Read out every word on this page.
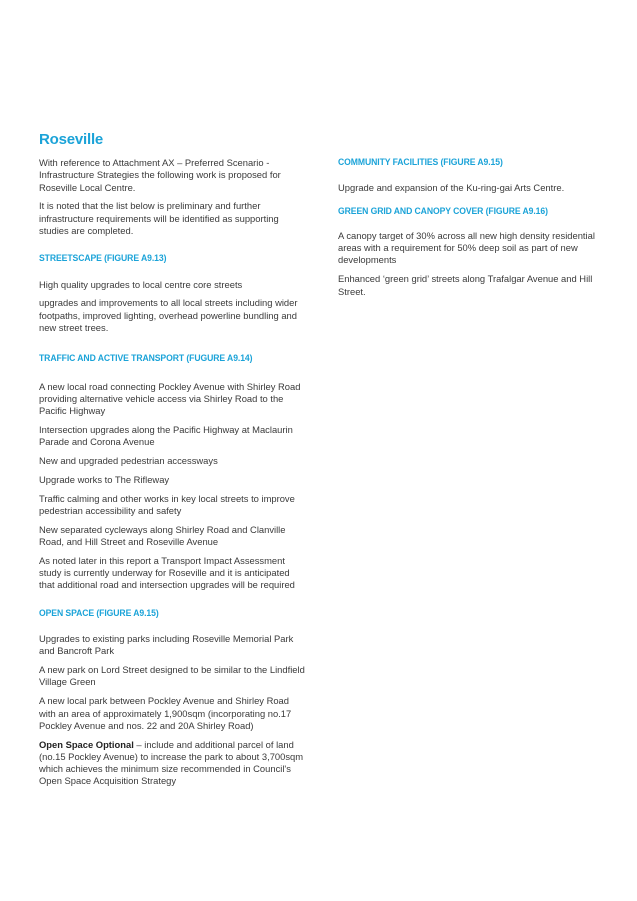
Roseville

With reference to Attachment AX – Preferred Scenario - Infrastructure Strategies the following work is proposed for Roseville Local Centre.

It is noted that the list below is preliminary and further infrastructure requirements will be identified as supporting studies are completed.

STREETSCAPE (FIGURE A9.13)

High quality upgrades to local centre core streets

upgrades and improvements to all local streets including wider footpaths, improved lighting, overhead powerline bundling and new street trees.

TRAFFIC AND ACTIVE TRANSPORT (FUGURE A9.14)

A new local road connecting Pockley Avenue with Shirley Road providing alternative vehicle access via Shirley Road to the Pacific Highway

Intersection upgrades along the Pacific Highway at Maclaurin Parade and Corona Avenue

New and upgraded pedestrian accessways

Upgrade works to The Rifleway

Traffic calming and other works in key local streets to improve pedestrian accessibility and safety

New separated cycleways along Shirley Road and Clanville Road, and Hill Street and Roseville Avenue

As noted later in this report a Transport Impact Assessment study is currently underway for Roseville and it is anticipated that additional road and intersection upgrades will be required

OPEN SPACE (FIGURE A9.15)

Upgrades to existing parks including Roseville Memorial Park and Bancroft Park

A new park on Lord Street designed to be similar to the Lindfield Village Green

A new local park between Pockley Avenue and Shirley Road with an area of approximately 1,900sqm (incorporating no.17 Pockley Avenue and nos. 22 and 20A Shirley Road)

Open Space Optional – include and additional parcel of land (no.15 Pockley Avenue) to increase the park to about 3,700sqm which achieves the minimum size recommended in Council's Open Space Acquisition Strategy

COMMUNITY FACILITIES (FIGURE A9.15)

Upgrade and expansion of the Ku-ring-gai Arts Centre.

GREEN GRID AND CANOPY COVER (FIGURE A9.16)

A canopy target of 30% across all new high density residential areas with a requirement for 50% deep soil as part of new developments

Enhanced ‘green grid’ streets along Trafalgar Avenue and Hill Street.
